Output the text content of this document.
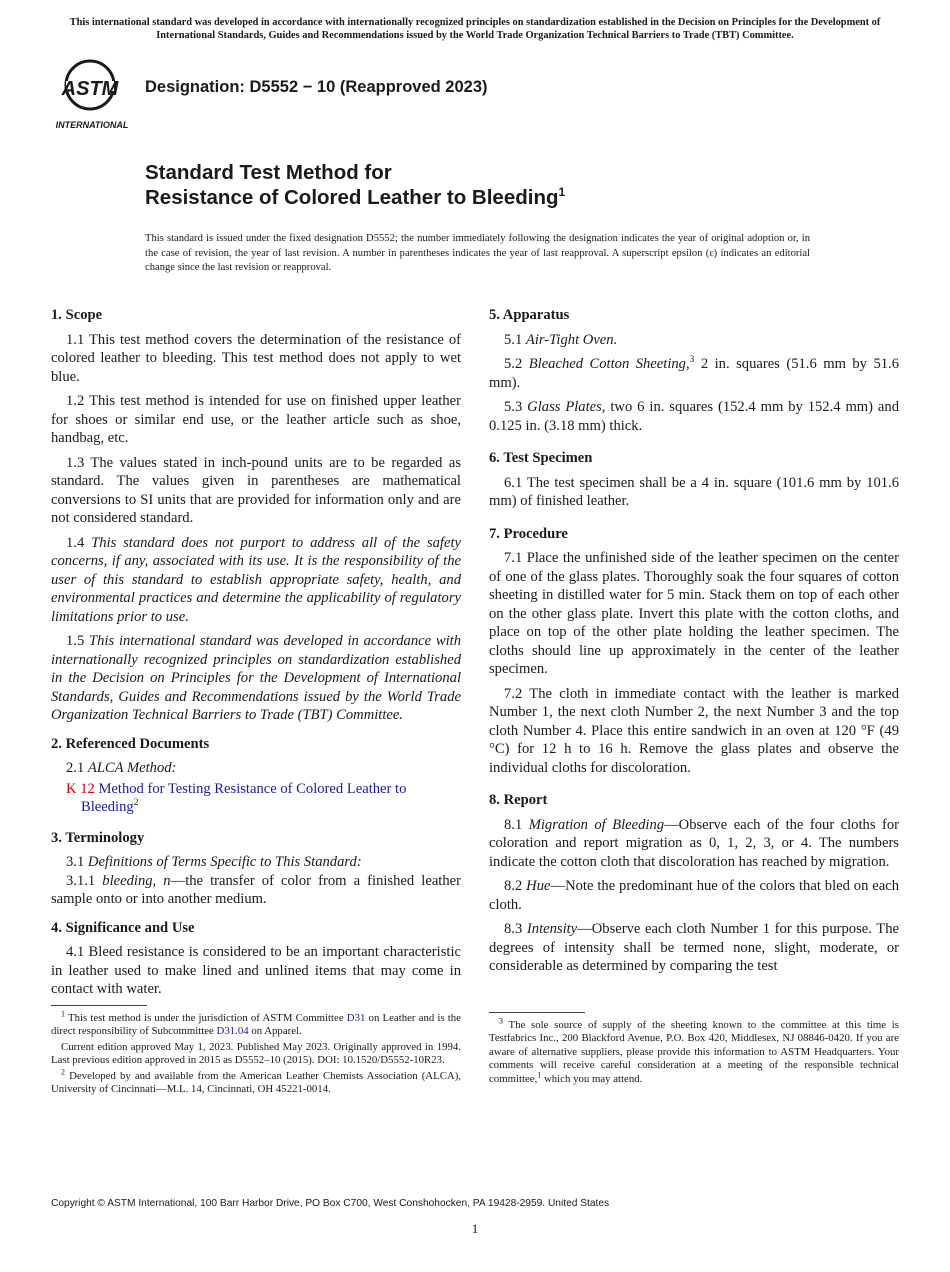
This international standard was developed in accordance with internationally recognized principles on standardization established in the Decision on Principles for the Development of International Standards, Guides and Recommendations issued by the World Trade Organization Technical Barriers to Trade (TBT) Committee.
ASTM
INTERNATIONAL
Designation: D5552 − 10 (Reapproved 2023)
Standard Test Method for
Resistance of Colored Leather to Bleeding$^1$
This standard is issued under the fixed designation D5552; the number immediately following the designation indicates the year of original adoption or, in the case of revision, the year of last revision. A number in parentheses indicates the year of last reapproval. A superscript epsilon (ε) indicates an editorial change since the last revision or reapproval.
1. Scope
1.1 This test method covers the determination of the resistance of colored leather to bleeding. This test method does not apply to wet blue.
1.2 This test method is intended for use on finished upper leather for shoes or similar end use, or the leather article such as shoe, handbag, etc.
1.3 The values stated in inch-pound units are to be regarded as standard. The values given in parentheses are mathematical conversions to SI units that are provided for information only and are not considered standard.
1.4 This standard does not purport to address all of the safety concerns, if any, associated with its use. It is the responsibility of the user of this standard to establish appropriate safety, health, and environmental practices and determine the applicability of regulatory limitations prior to use.
1.5 This international standard was developed in accordance with internationally recognized principles on standardization established in the Decision on Principles for the Development of International Standards, Guides and Recommendations issued by the World Trade Organization Technical Barriers to Trade (TBT) Committee.
2. Referenced Documents
2.1 ALCA Method:
K 12 Method for Testing Resistance of Colored Leather to Bleeding$^2$
3. Terminology
3.1 Definitions of Terms Specific to This Standard:
3.1.1 bleeding, n—the transfer of color from a finished leather sample onto or into another medium.
4. Significance and Use
4.1 Bleed resistance is considered to be an important characteristic in leather used to make lined and unlined items that may come in contact with water.
$^1$ This test method is under the jurisdiction of ASTM Committee D31 on Leather and is the direct responsibility of Subcommittee D31.04 on Apparel.
Current edition approved May 1, 2023. Published May 2023. Originally approved in 1994. Last previous edition approved in 2015 as D5552–10 (2015). DOI: 10.1520/D5552-10R23.
$^2$ Developed by and available from the American Leather Chemists Association (ALCA), University of Cincinnati—M.L. 14, Cincinnati, OH 45221-0014.
5. Apparatus
5.1 Air-Tight Oven.
5.2 Bleached Cotton Sheeting,$^3$ 2 in. squares (51.6 mm by 51.6 mm).
5.3 Glass Plates, two 6 in. squares (152.4 mm by 152.4 mm) and 0.125 in. (3.18 mm) thick.
6. Test Specimen
6.1 The test specimen shall be a 4 in. square (101.6 mm by 101.6 mm) of finished leather.
7. Procedure
7.1 Place the unfinished side of the leather specimen on the center of one of the glass plates. Thoroughly soak the four squares of cotton sheeting in distilled water for 5 min. Stack them on top of each other on the other glass plate. Invert this plate with the cotton cloths, and place on top of the other plate holding the leather specimen. The cloths should line up approximately in the center of the leather specimen.
7.2 The cloth in immediate contact with the leather is marked Number 1, the next cloth Number 2, the next Number 3 and the top cloth Number 4. Place this entire sandwich in an oven at 120 °F (49 °C) for 12 h to 16 h. Remove the glass plates and observe the individual cloths for discoloration.
8. Report
8.1 Migration of Bleeding—Observe each of the four cloths for coloration and report migration as 0, 1, 2, 3, or 4. The numbers indicate the cotton cloth that discoloration has reached by migration.
8.2 Hue—Note the predominant hue of the colors that bled on each cloth.
8.3 Intensity—Observe each cloth Number 1 for this purpose. The degrees of intensity shall be termed none, slight, moderate, or considerable as determined by comparing the test
$^3$ The sole source of supply of the sheeting known to the committee at this time is Testfabrics Inc., 200 Blackford Avenue, P.O. Box 420, Middlesex, NJ 08846-0420. If you are aware of alternative suppliers, please provide this information to ASTM Headquarters. Your comments will receive careful consideration at a meeting of the responsible technical committee,$^1$ which you may attend.
Copyright © ASTM International, 100 Barr Harbor Drive, PO Box C700, West Conshohocken, PA 19428-2959. United States
1
